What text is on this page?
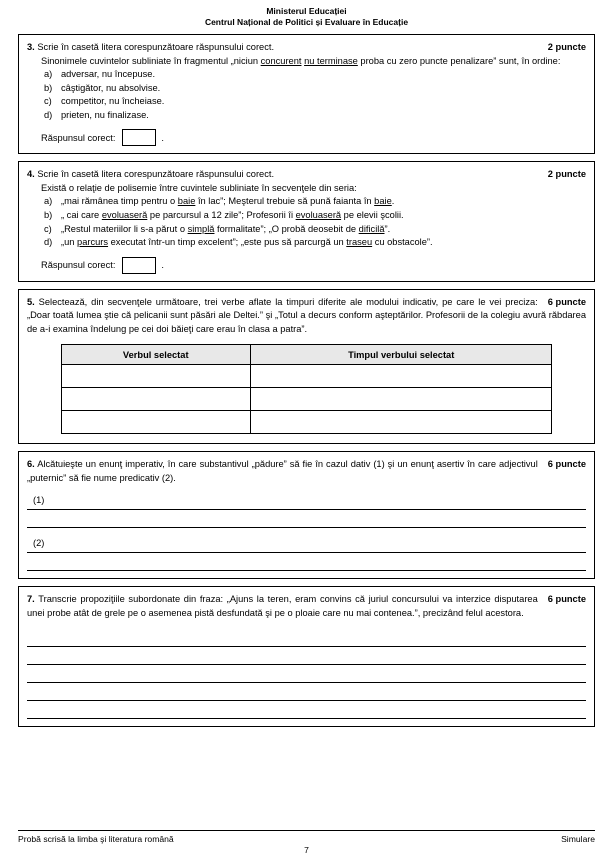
Ministerul Educației
Centrul Național de Politici și Evaluare în Educație
2 puncte
3. Scrie în casetă litera corespunzătoare răspunsului corect.
Sinonimele cuvintelor subliniate în fragmentul „niciun concurent nu terminase proba cu zero puncte penalizare” sunt, în ordine:
a) adversar, nu începuse.
b) câştigător, nu absolvise.
c) competitor, nu încheiase.
d) prieten, nu finalizase.
Răspunsul corect:	.
2 puncte
4. Scrie în casetă litera corespunzătoare răspunsului corect.
Există o relaţie de polisemie între cuvintele subliniate în secvenţele din seria:
a) „mai rămânea timp pentru o baie în lac”; Meşterul trebuie să pună faianta în baie.
b) „ cai care evoluaseră pe parcursul a 12 zile”; Profesorii îi evoluaseră pe elevii şcolii.
c) „Restul materiilor li s-a părut o simplă formalitate”; „O probă deosebit de dificilă”.
d) „un parcurs executat într-un timp excelent”; „este pus să parcurgă un traseu cu obstacole”.
Răspunsul corect:	.
6 puncte
5. Selectează, din secvenţele următoare, trei verbe aflate la timpuri diferite ale modului indicativ, pe care le vei preciza: „Doar toată lumea ştie că pelicanii sunt păsări ale Deltei.” şi „Totul a decurs conform aşteptărilor. Profesorii de la colegiu avură răbdarea de a-i examina îndelung pe cei doi băieţi care erau în clasa a patra”.
Verbul selectat	Timpul verbului selectat

6 puncte
6. Alcătuieşte un enunţ imperativ, în care substantivul „pădure” să fie în cazul dativ (1) şi un enunţ asertiv în care adjectivul „puternic” să fie nume predicativ (2).
(1)
(2)
6 puncte
7. Transcrie propoziţiile subordonate din fraza: „Ajuns la teren, eram convins că juriul concursului va interzice disputarea unei probe atât de grele pe o asemenea pistă desfundată şi pe o ploaie care nu mai contenea.”, precizând felul acestora.
Probă scrisă la limba şi literatura română	Simulare
7
